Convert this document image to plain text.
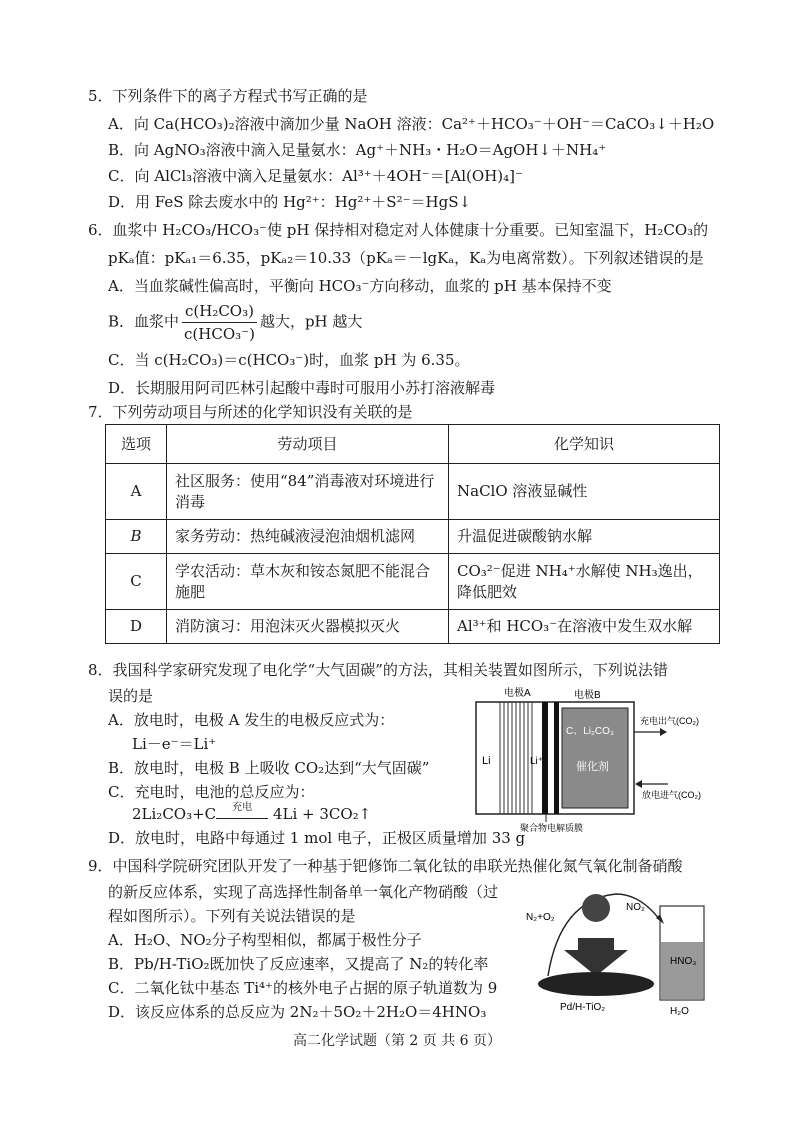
5．下列条件下的离子方程式书写正确的是
A．向 Ca(HCO₃)₂溶液中滴加少量 NaOH 溶液：Ca²⁺＋HCO₃⁻＋OH⁻＝CaCO₃↓＋H₂O
B．向 AgNO₃溶液中滴入足量氨水：Ag⁺＋NH₃・H₂O＝AgOH↓＋NH₄⁺
C．向 AlCl₃溶液中滴入足量氨水：Al³⁺＋4OH⁻＝[Al(OH)₄]⁻
D．用 FeS 除去废水中的 Hg²⁺：Hg²⁺＋S²⁻＝HgS↓
6．血浆中 H₂CO₃/HCO₃⁻使 pH 保持相对稳定对人体健康十分重要。已知室温下，H₂CO₃的
pKₐ值：pKₐ₁＝6.35，pKₐ₂＝10.33（pKₐ＝－lgKₐ，Kₐ为电离常数）。下列叙述错误的是
A．当血浆碱性偏高时，平衡向 HCO₃⁻方向移动，血浆的 pH 基本保持不变
B．血浆中 $\frac{\text{c(H₂CO₃)}}{\text{c(HCO₃⁻)}}$ 越大，pH 越大
C．当 c(H₂CO₃)＝c(HCO₃⁻)时，血浆 pH 为 6.35。
D．长期服用阿司匹林引起酸中毒时可服用小苏打溶液解毒
7．下列劳动项目与所述的化学知识没有关联的是
选项	劳动项目	化学知识
A	社区服务：使用“84”消毒液对环境进行消毒	NaClO 溶液显碱性
B	家务劳动：热纯碱液浸泡油烟机滤网	升温促进碳酸钠水解
C	学农活动：草木灰和铵态氮肥不能混合施肥	CO₃²⁻促进 NH₄⁺水解使 NH₃逸出，降低肥效
D	消防演习：用泡沫灭火器模拟灭火	Al³⁺和 HCO₃⁻在溶液中发生双水解
8．我国科学家研究发现了电化学“大气固碳”的方法，其相关装置如图所示，下列说法错
误的是
A．放电时，电极 A 发生的电极反应式为：
Li－e⁻＝Li⁺
B．放电时，电极 B 上吸收 CO₂达到“大气固碳”
C．充电时，电池的总反应为：
2Li₂CO₃+C	充电	4Li + 3CO₂↑
D．放电时，电路中每通过 1 mol 电子，正极区质量增加 33 g
电极A	电极B
Li	Li⁺
C、Li₂CO₃
催化剂
充电出气(CO₂)
放电进气(CO₂)
聚合物电解质膜
9．中国科学院研究团队开发了一种基于钯修饰二氧化钛的串联光热催化氮气氧化制备硝酸
的新反应体系，实现了高选择性制备单一氧化产物硝酸（过
程如图所示）。下列有关说法错误的是
A．H₂O、NO₂分子构型相似，都属于极性分子
B．Pb/H-TiO₂既加快了反应速率，又提高了 N₂的转化率
C．二氧化钛中基态 Ti⁴⁺的核外电子占据的原子轨道数为 9
D．该反应体系的总反应为 2N₂＋5O₂＋2H₂O＝4HNO₃
N₂+O₂
NO₂
HNO₃
Pd/H-TiO₂	H₂O
高二化学试题（第 2 页 共 6 页）
